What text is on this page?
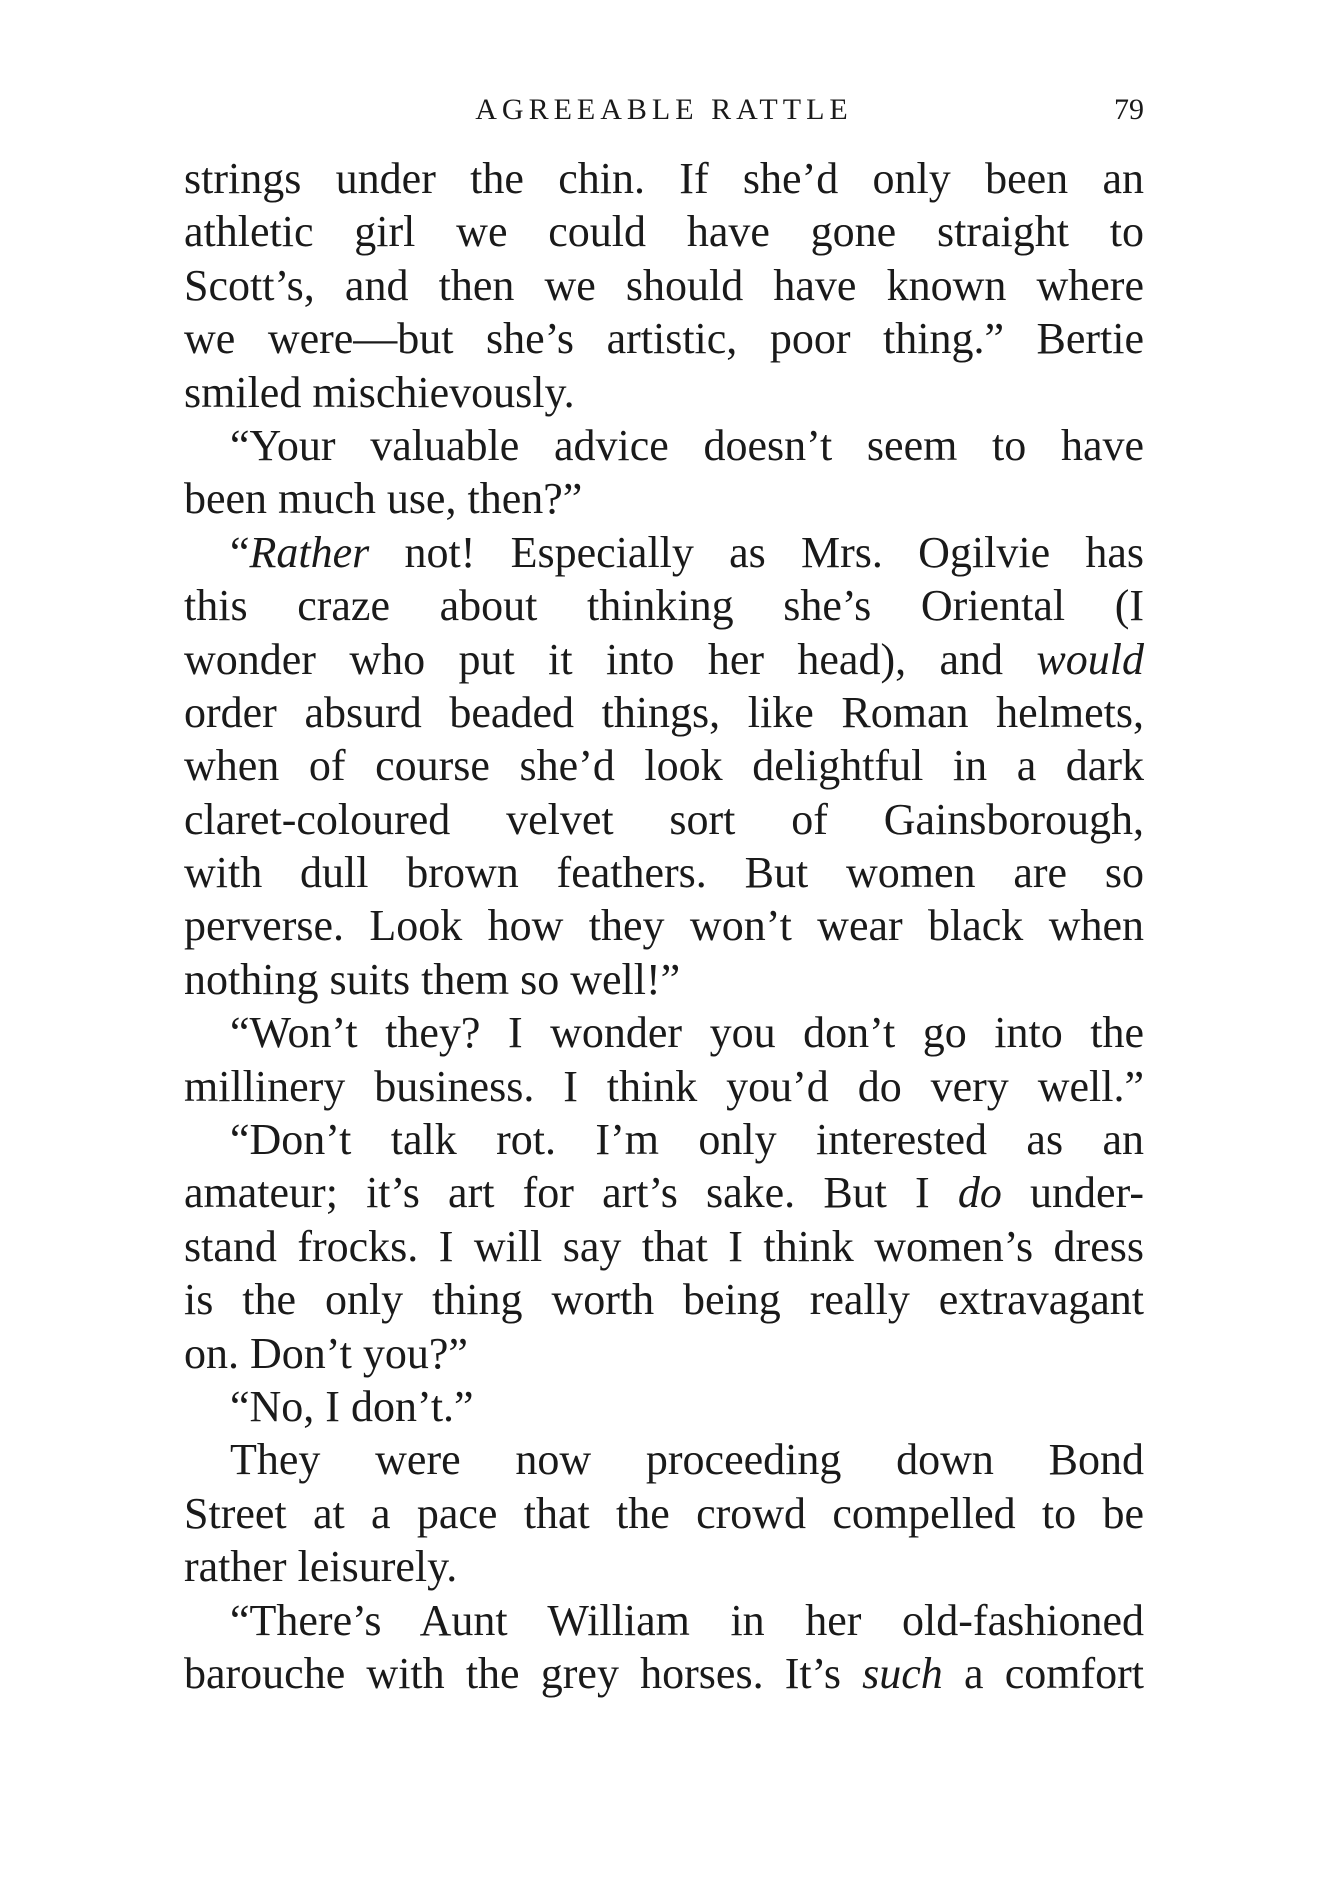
AGREEABLE RATTLE	79
strings under the chin. If she’d only been an
athletic girl we could have gone straight to
Scott’s, and then we should have known where
we were—but she’s artistic, poor thing.” Bertie
smiled mischievously.
“Your valuable advice doesn’t seem to have
been much use, then?”
“Rather not! Especially as Mrs. Ogilvie has
this craze about thinking she’s Oriental (I
wonder who put it into her head), and would
order absurd beaded things, like Roman helmets,
when of course she’d look delightful in a dark
claret-coloured velvet sort of Gainsborough,
with dull brown feathers. But women are so
perverse. Look how they won’t wear black when
nothing suits them so well!”
“Won’t they? I wonder you don’t go into the
millinery business. I think you’d do very well.”
“Don’t talk rot. I’m only interested as an
amateur; it’s art for art’s sake. But I do under-
stand frocks. I will say that I think women’s dress
is the only thing worth being really extravagant
on. Don’t you?”
“No, I don’t.”
They were now proceeding down Bond
Street at a pace that the crowd compelled to be
rather leisurely.
“There’s Aunt William in her old-fashioned
barouche with the grey horses. It’s such a comfort
